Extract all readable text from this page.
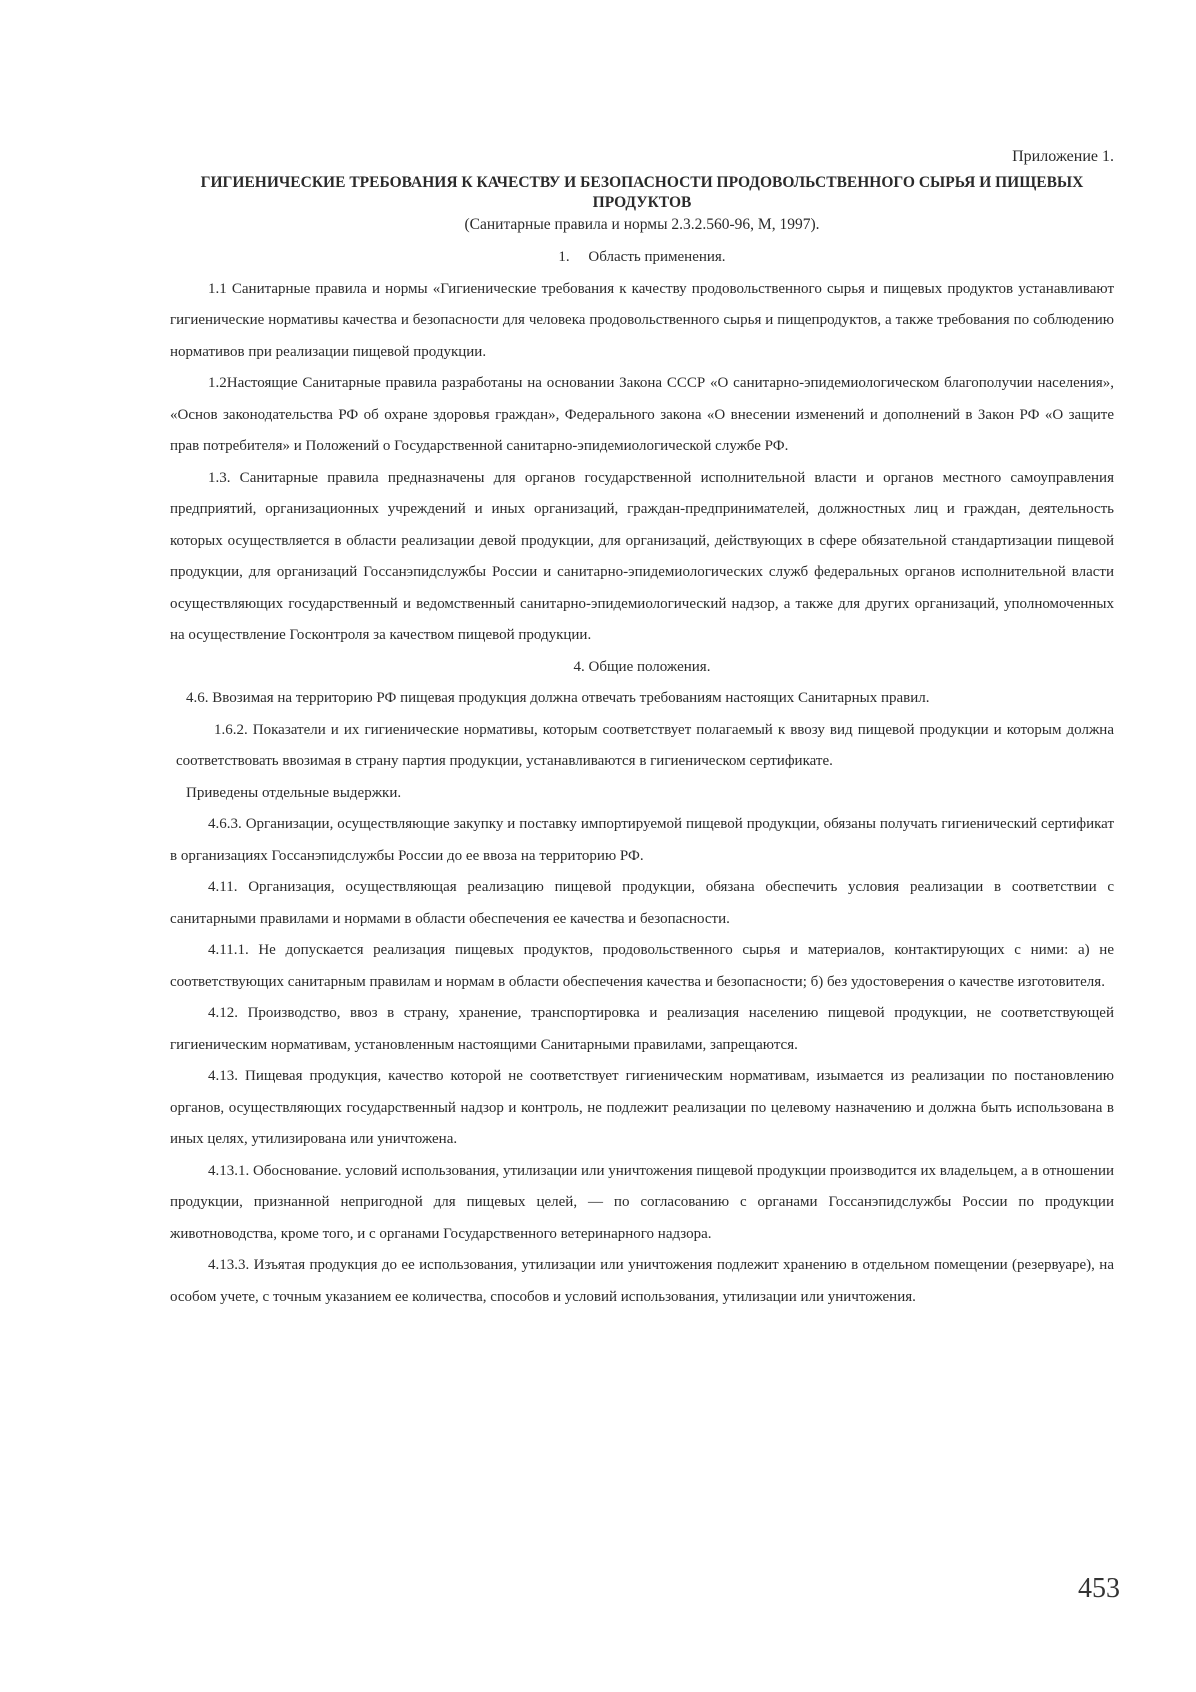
Приложение 1.
ГИГИЕНИЧЕСКИЕ ТРЕБОВАНИЯ К КАЧЕСТВУ И БЕЗОПАСНОСТИ ПРОДОВОЛЬСТВЕННОГО СЫРЬЯ И ПИЩЕВЫХ ПРОДУКТОВ
(Санитарные правила и нормы 2.3.2.560-96, М, 1997).

1.     Область применения.

1.1 Санитарные правила и нормы «Гигиенические требования к качеству продовольственного сырья и пищевых продуктов устанавливают гигиенические нормативы качества и безопасности для человека продовольственного сырья и пищепродуктов, а также требования по соблюдению нормативов при реализации пищевой продукции.

1.2Настоящие Санитарные правила разработаны на основании Закона СССР «О санитарно-эпидемиологическом благополучии населения», «Основ законодательства РФ об охране здоровья граждан», Федерального закона «О внесении изменений и дополнений в Закон РФ «О защите прав потребителя» и Положений о Государственной санитарно-эпидемиологической службе РФ.

1.3. Санитарные правила предназначены для органов государственной исполнительной власти и органов местного самоуправления предприятий, организационных учреждений и иных организаций, граждан-предпринимателей, должностных лиц и граждан, деятельность которых осуществляется в области реализации девой продукции, для организаций, действующих в сфере обязательной стандартизации пищевой продукции, для организаций Госсанэпидслужбы России и санитарно-эпидемиологических служб федеральных органов исполнительной власти осуществляющих государственный и ведомственный санитарно-эпидемиологический надзор, а также для других организаций, уполномоченных на осуществление Госконтроля за качеством пищевой продукции.

4. Общие положения.

4.6. Ввозимая на территорию РФ пищевая продукция должна отвечать требованиям настоящих Санитарных правил.

1.6.2. Показатели и их гигиенические нормативы, которым соответствует полагаемый к ввозу вид пищевой продукции и которым должна соответствовать ввозимая в страну партия продукции, устанавливаются в гигиеническом сертификате.

Приведены отдельные выдержки.

4.6.3. Организации, осуществляющие закупку и поставку импортируемой пищевой продукции, обязаны получать гигиенический сертификат в организациях Госсанэпидслужбы России до ее ввоза на территорию РФ.

4.11. Организация, осуществляющая реализацию пищевой продукции, обязана обеспечить условия реализации в соответствии с санитарными правилами и нормами в области обеспечения ее качества и безопасности.

4.11.1. Не допускается реализация пищевых продуктов, продовольственного сырья и материалов, контактирующих с ними: а) не соответствующих санитарным правилам и нормам в области обеспечения качества и безопасности; б) без удостоверения о качестве изготовителя.

4.12. Производство, ввоз в страну, хранение, транспортировка и реализация населению пищевой продукции, не соответствующей гигиеническим нормативам, установленным настоящими Санитарными правилами, запрещаются.

4.13. Пищевая продукция, качество которой не соответствует гигиеническим нормативам, изымается из реализации по постановлению органов, осуществляющих государственный надзор и контроль, не подлежит реализации по целевому назначению и должна быть использована в иных целях, утилизирована или уничтожена.

4.13.1. Обоснование. условий использования, утилизации или уничтожения пищевой продукции производится их владельцем, а в отношении продукции, признанной непригодной для пищевых целей, — по согласованию с органами Госсанэпидслужбы России по продукции животноводства, кроме того, и с органами Государственного ветеринарного надзора.

4.13.3. Изъятая продукция до ее использования, утилизации или уничтожения подлежит хранению в отдельном помещении (резервуаре), на особом учете, с точным указанием ее количества, способов и условий использования, утилизации или уничтожения.

453
